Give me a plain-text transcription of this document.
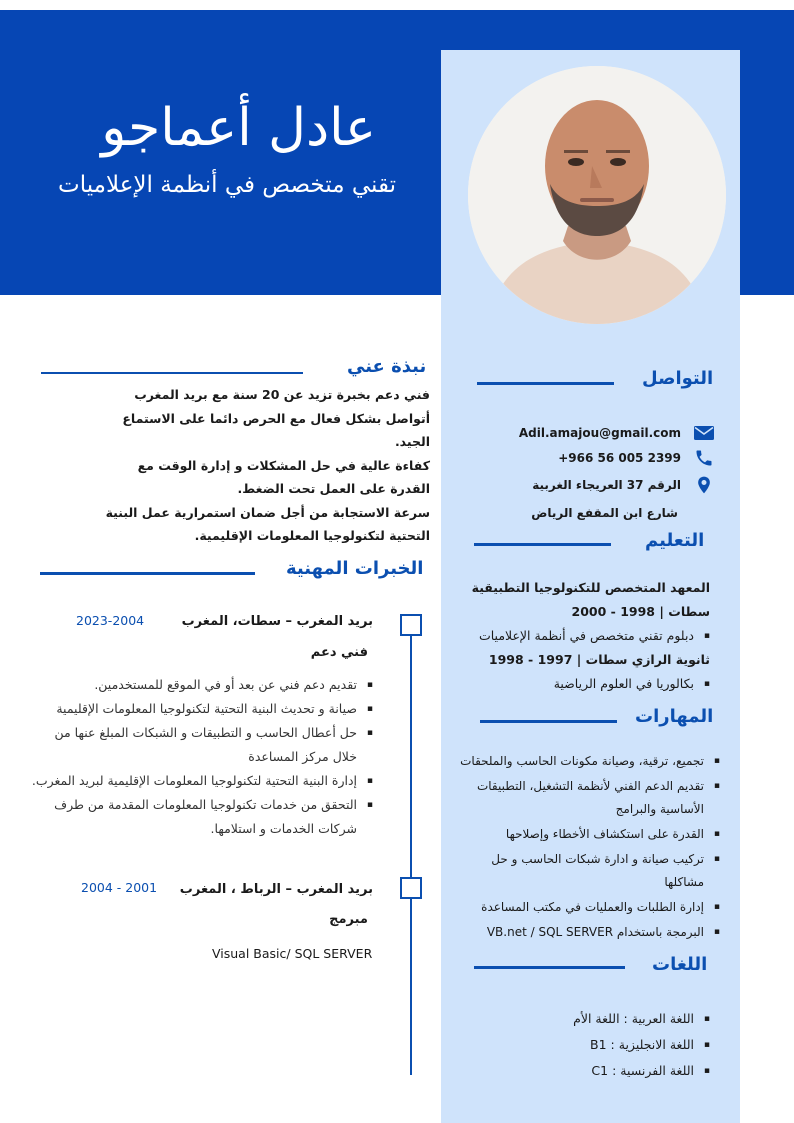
عادل أعماجو
تقني متخصص في أنظمة الإعلاميات
نبذة عني

فني دعم بخبرة تزيد عن 20 سنة مع بريد المغرب

أتواصل بشكل فعال مع الحرص دائما على الاستماع الجيد.

كفاءة عالية في حل المشكلات و إدارة الوقت مع القدرة على العمل تحت الضغط.

سرعة الاستجابة من أجل ضمان استمرارية عمل البنية التحتية لتكنولوجيا المعلومات الإقليمية.

التواصل
Adil.amajou@gmail.com
+966 56 005 2399
الرقم 37 العريجاء الغربية
شارع ابن المقفع الرياض
التعليم
المعهد المتخصص للتكنولوجيا التطبيقية
سطات | 1998 - 2000
▪ دبلوم تقني متخصص في أنظمة الإعلاميات
ثانوية الرازي سطات | 1997 - 1998
▪ بكالوريا في العلوم الرياضية
المهارات
▪ تجميع، ترقية، وصيانة مكونات الحاسب والملحقات
▪ تقديم الدعم الفني لأنظمة التشغيل، التطبيقات الأساسية والبرامج
▪ القدرة على استكشاف الأخطاء وإصلاحها
▪ تركيب صيانة و ادارة شبكات الحاسب و حل مشاكلها
▪ إدارة الطلبات والعمليات في مكتب المساعدة
▪ البرمجة باستخدام VB.net / SQL SERVER
اللغات
▪ اللغة العربية : اللغة الأم
▪ اللغة الانجليزية : B1
▪ اللغة الفرنسية : C1
الخبرات المهنية
بريد المغرب – سطات، المغرب
2023-2004
فني دعم
▪ تقديم دعم فني عن بعد أو في الموقع للمستخدمين.
▪ صيانة و تحديث البنية التحتية لتكنولوجيا المعلومات الإقليمية
▪ حل أعطال الحاسب و التطبيقات و الشبكات المبلغ عنها من خلال مركز المساعدة
▪ إدارة البنية التحتية لتكنولوجيا المعلومات الإقليمية لبريد المغرب.
▪ التحقق من خدمات تكنولوجيا المعلومات المقدمة من طرف شركات الخدمات و استلامها.
بريد المغرب – الرباط ، المغرب
2004 - 2001
مبرمج
Visual Basic/ SQL SERVER
